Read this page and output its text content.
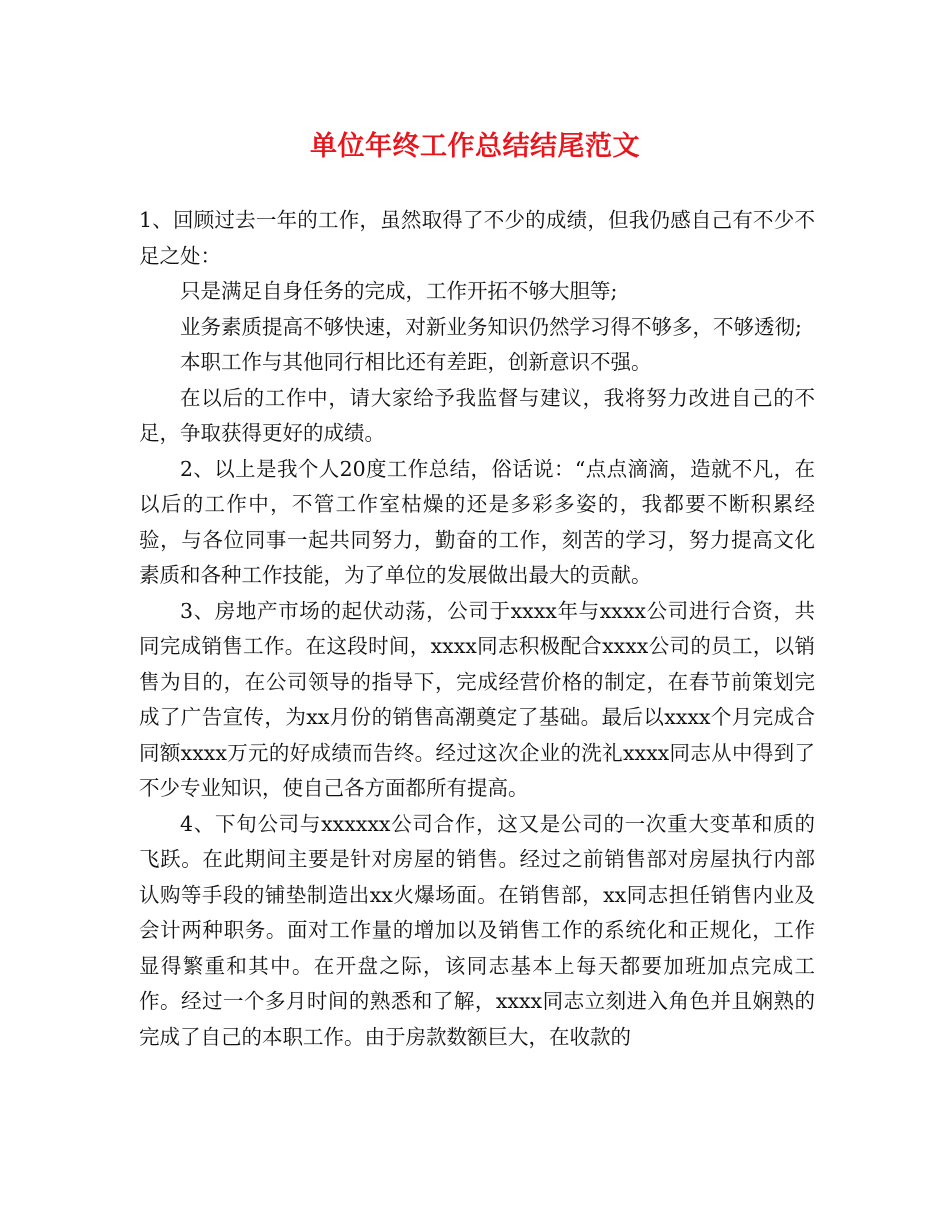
单位年终工作总结结尾范文

1、回顾过去一年的工作，虽然取得了不少的成绩，但我仍感自己有不少不足之处：

只是满足自身任务的完成，工作开拓不够大胆等;

业务素质提高不够快速，对新业务知识仍然学习得不够多，不够透彻;

本职工作与其他同行相比还有差距，创新意识不强。

在以后的工作中，请大家给予我监督与建议，我将努力改进自己的不足，争取获得更好的成绩。

2、以上是我个人20度工作总结，俗话说：“点点滴滴，造就不凡，在以后的工作中，不管工作室枯燥的还是多彩多姿的，我都要不断积累经验，与各位同事一起共同努力，勤奋的工作，刻苦的学习，努力提高文化素质和各种工作技能，为了单位的发展做出最大的贡献。

3、房地产市场的起伏动荡，公司于xxxx年与xxxx公司进行合资，共同完成销售工作。在这段时间，xxxx同志积极配合xxxx公司的员工，以销售为目的，在公司领导的指导下，完成经营价格的制定，在春节前策划完成了广告宣传，为xx月份的销售高潮奠定了基础。最后以xxxx个月完成合同额xxxx万元的好成绩而告终。经过这次企业的洗礼xxxx同志从中得到了不少专业知识，使自己各方面都所有提高。

4、下旬公司与xxxxxx公司合作，这又是公司的一次重大变革和质的飞跃。在此期间主要是针对房屋的销售。经过之前销售部对房屋执行内部认购等手段的铺垫制造出xx火爆场面。在销售部，xx同志担任销售内业及会计两种职务。面对工作量的增加以及销售工作的系统化和正规化，工作显得繁重和其中。在开盘之际，该同志基本上每天都要加班加点完成工作。经过一个多月时间的熟悉和了解，xxxx同志立刻进入角色并且娴熟的完成了自己的本职工作。由于房款数额巨大，在收款的
